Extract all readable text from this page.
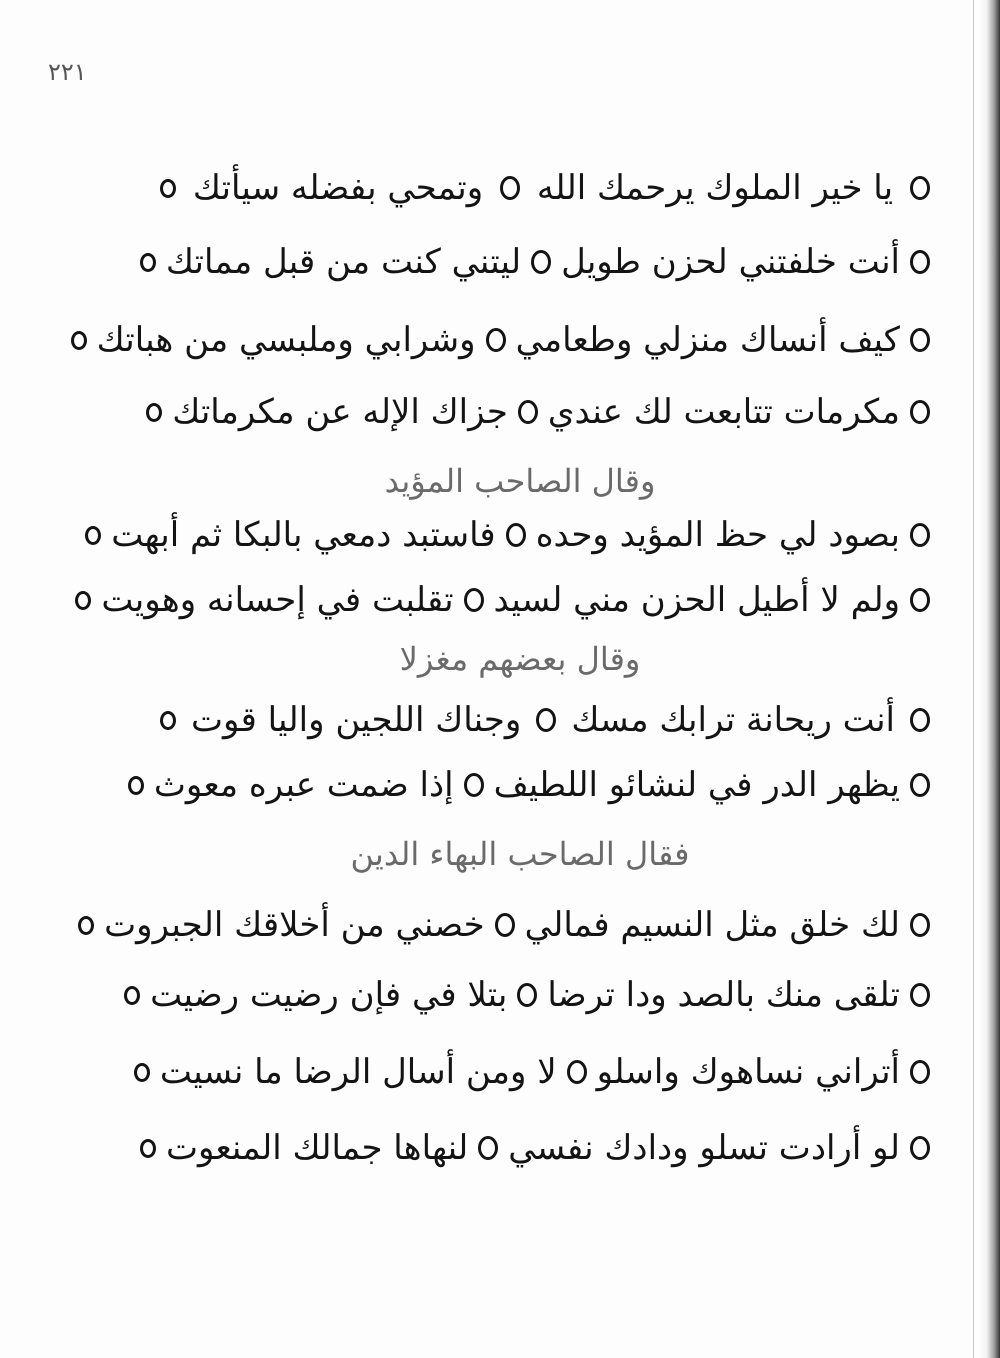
٢٢١
يا خير الملوك يرحمك الله
وتمحي بفضله سيأتك
أنت خلفتني لحزن طويل
ليتني كنت من قبل مماتك
كيف أنساك منزلي وطعامي
وشرابي وملبسي من هباتك
مكرمات تتابعت لك عندي
جزاك الإله عن مكرماتك
وقال الصاحب المؤيد
بصود لي حظ المؤيد وحده
فاستبد دمعي بالبكا ثم أبهت
ولم لا أطيل الحزن مني لسيد
تقلبت في إحسانه وهويت
وقال بعضهم مغزلا
أنت ريحانة ترابك مسك
وجناك اللجين واليا قوت
يظهر الدر في لنشائو اللطيف
إذا ضمت عبره معوث
فقال الصاحب البهاء الدين
لك خلق مثل النسيم فمالي
خصني من أخلاقك الجبروت
تلقى منك بالصد ودا ترضا
بتلا في فإن رضيت رضيت
أتراني نساهوك واسلو
لا ومن أسال الرضا ما نسيت
لو أرادت تسلو ودادك نفسي
لنهاها جمالك المنعوت
